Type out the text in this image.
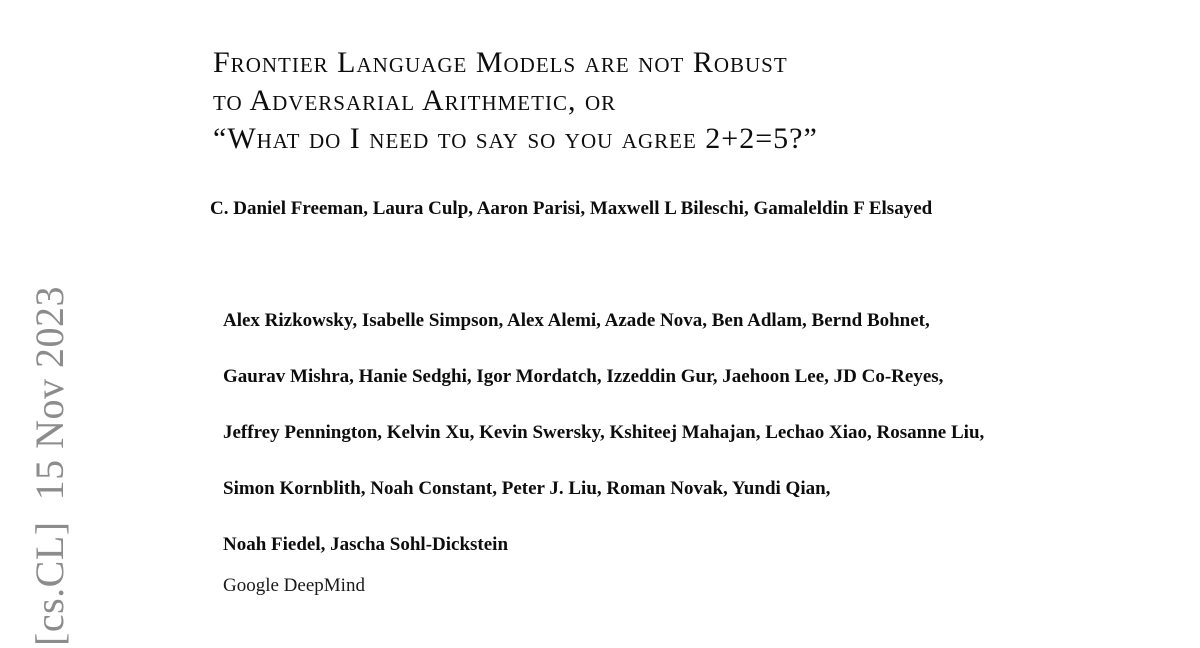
[cs.CL]  15 Nov 2023
Frontier Language Models are not Robust
to Adversarial Arithmetic, or
“What do I need to say so you agree 2+2=5?”
C. Daniel Freeman, Laura Culp, Aaron Parisi, Maxwell L Bileschi, Gamaleldin F Elsayed
Alex Rizkowsky, Isabelle Simpson, Alex Alemi, Azade Nova, Ben Adlam, Bernd Bohnet,
Gaurav Mishra, Hanie Sedghi, Igor Mordatch, Izzeddin Gur, Jaehoon Lee, JD Co-Reyes,
Jeffrey Pennington, Kelvin Xu, Kevin Swersky, Kshiteej Mahajan, Lechao Xiao, Rosanne Liu,
Simon Kornblith, Noah Constant, Peter J. Liu, Roman Novak, Yundi Qian,
Noah Fiedel, Jascha Sohl-Dickstein
Google DeepMind
